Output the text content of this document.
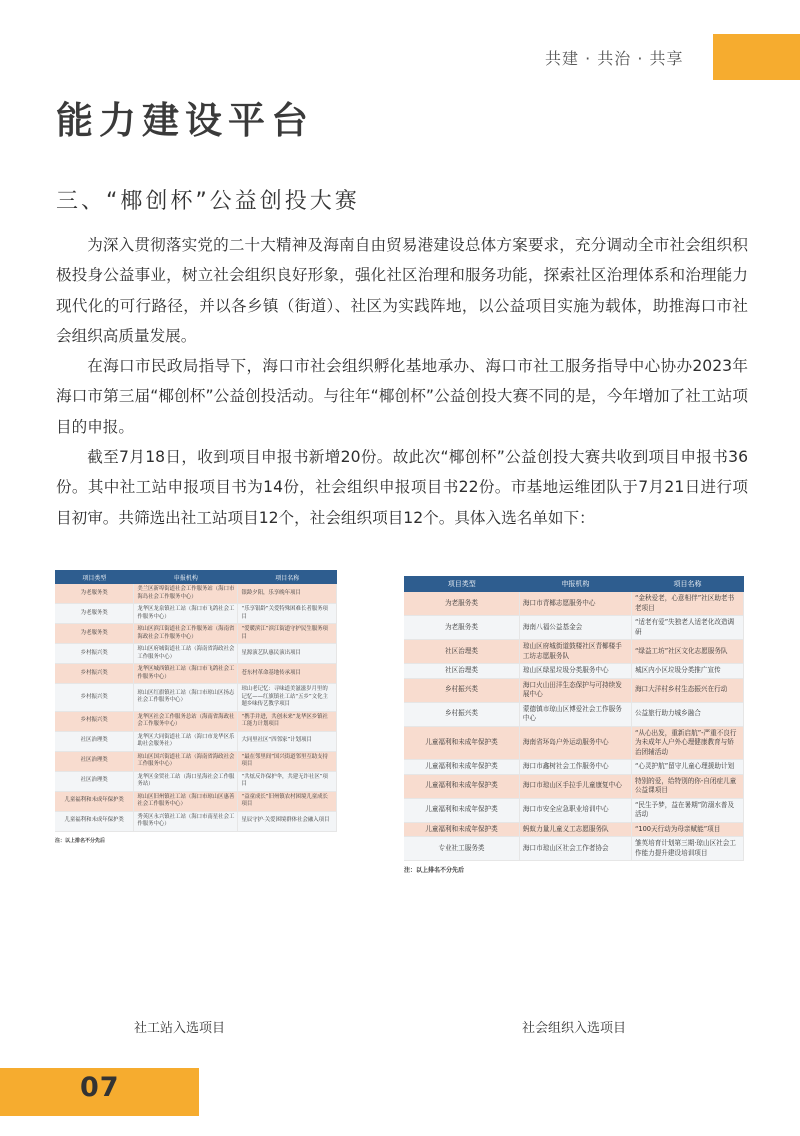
共建 · 共治 · 共享
能力建设平台
三、“椰创杯”公益创投大赛

为深入贯彻落实党的二十大精神及海南自由贸易港建设总体方案要求，充分调动全市社会组织积极投身公益事业，树立社会组织良好形象，强化社区治理和服务功能，探索社区治理体系和治理能力现代化的可行路径，并以各乡镇（街道）、社区为实践阵地，以公益项目实施为载体，助推海口市社会组织高质量发展。

在海口市民政局指导下，海口市社会组织孵化基地承办、海口市社工服务指导中心协办2023年海口市第三届“椰创杯”公益创投活动。与往年“椰创杯”公益创投大赛不同的是，今年增加了社工站项目的申报。

截至7月18日，收到项目申报书新增20份。故此次“椰创杯”公益创投大赛共收到项目申报书36份。其中社工站申报项目书为14份，社会组织申报项目书22份。市基地运维团队于7月21日进行项目初审。共筛选出社工站项目12个，社会组织项目12个。具体入选名单如下：

项目类型	申报机构	项目名称
为老服务类	美兰区新埠街道社会工作服务站（海口市海岛社会工作服务中心）	银龄夕阳，乐享晚年项目
为老服务类	龙华区龙泉镇社工站（海口市飞鸽社会工作服务中心）	“乐享银龄”关爱特殊困难长者服务项目
为老服务类	琼山区滨江街道社会工作服务站（海南省海政社会工作服务中心）	“爱暖滨江”滨江街道守护民生服务项目
乡村振兴类	琼山区府城街道社工站（海南省海政社会工作服务中心）	星源演艺队惠民演出项目
乡村振兴类	龙华区城西镇社工站（海口市飞鸽社会工作服务中心）	苍东村革命基地传承项目
乡村振兴类	琼山区红旗镇社工站（海口市琼山区扬志社会工作服务中心）	琼山老记忆：寻味道美滋滋岁月里的记忆——红旗镇社工站“五乡”文化主题乡味传艺教学项目
乡村振兴类	龙华区社会工作服务总站（海南省海政社会工作服务中心）	“携手并进，共创未来”龙华区乡镇社工能力计划项目
社区治理类	龙华区大同街道社工站（海口市龙华区乐助社会服务社）	大同里社区“四邻家”计划项目
社区治理类	琼山区国兴街道社工站（海南省海政社会工作服务中心）	“最在邻里间”国兴街道邻里互助支持项目
社区治理类	龙华区金贸社工站（海口星海社会工作服务站）	“共炫反诈保护伞，共建无诈社区”项目
儿童福利和未成年保护类	琼山区旧州镇社工站（海口市琼山区惠善社会工作服务中心）	“益童成长”旧州镇农村困境儿童成长项目
儿童福利和未成年保护类	秀英区永兴镇社工站（海口市南星社会工作服务中心）	星辰守护·关爱困境群体社会融入项目
注：以上排名不分先后
项目类型	申报机构	项目名称
为老服务类	海口市青椰志愿服务中心	“金秋爱老，心意相伴”社区助老书老项目
为老服务类	海南八福公益基金会	“适老有爱”失独老人适老化改造调研
社区治理类	琼山区府城街道鼓楼社区青椰楼手工坊志愿服务队	“绿益工坊”社区文化志愿服务队
社区治理类	琼山区绿星垃圾分类服务中心	城区内小区垃圾分类推广宣传
乡村振兴类	海口火山田洋生态保护与可持续发展中心	海口大洋村乡村生态振兴在行动
乡村振兴类	蒙德镇市琼山区博爱社会工作服务中心	公益旅行助力城乡融合
儿童福利和未成年保护类	海南省环岛户外运动服务中心	“从心出发，重新启航”-严重不良行为未成年人户外心理健康教育与矫治团辅活动
儿童福利和未成年保护类	海口市鑫树社会工作服务中心	“心灵护航”留守儿童心理援助计划
儿童福利和未成年保护类	海口市琼山区手拉手儿童康复中心	特别的爱，给特别的你-自闭症儿童公益课项目
儿童福利和未成年保护类	海口市安全应急职业培训中心	“民生予梦，益在暑期”防溺水普及活动
儿童福利和未成年保护类	蚂蚁力量儿童义工志愿服务队	“100天行动为母亲赋能”项目
专业社工服务类	海口市琼山区社会工作者协会	雏英培育计划第三期·琼山区社会工作能力提升建设培训项目
注：以上排名不分先后
社工站入选项目	社会组织入选项目
07
